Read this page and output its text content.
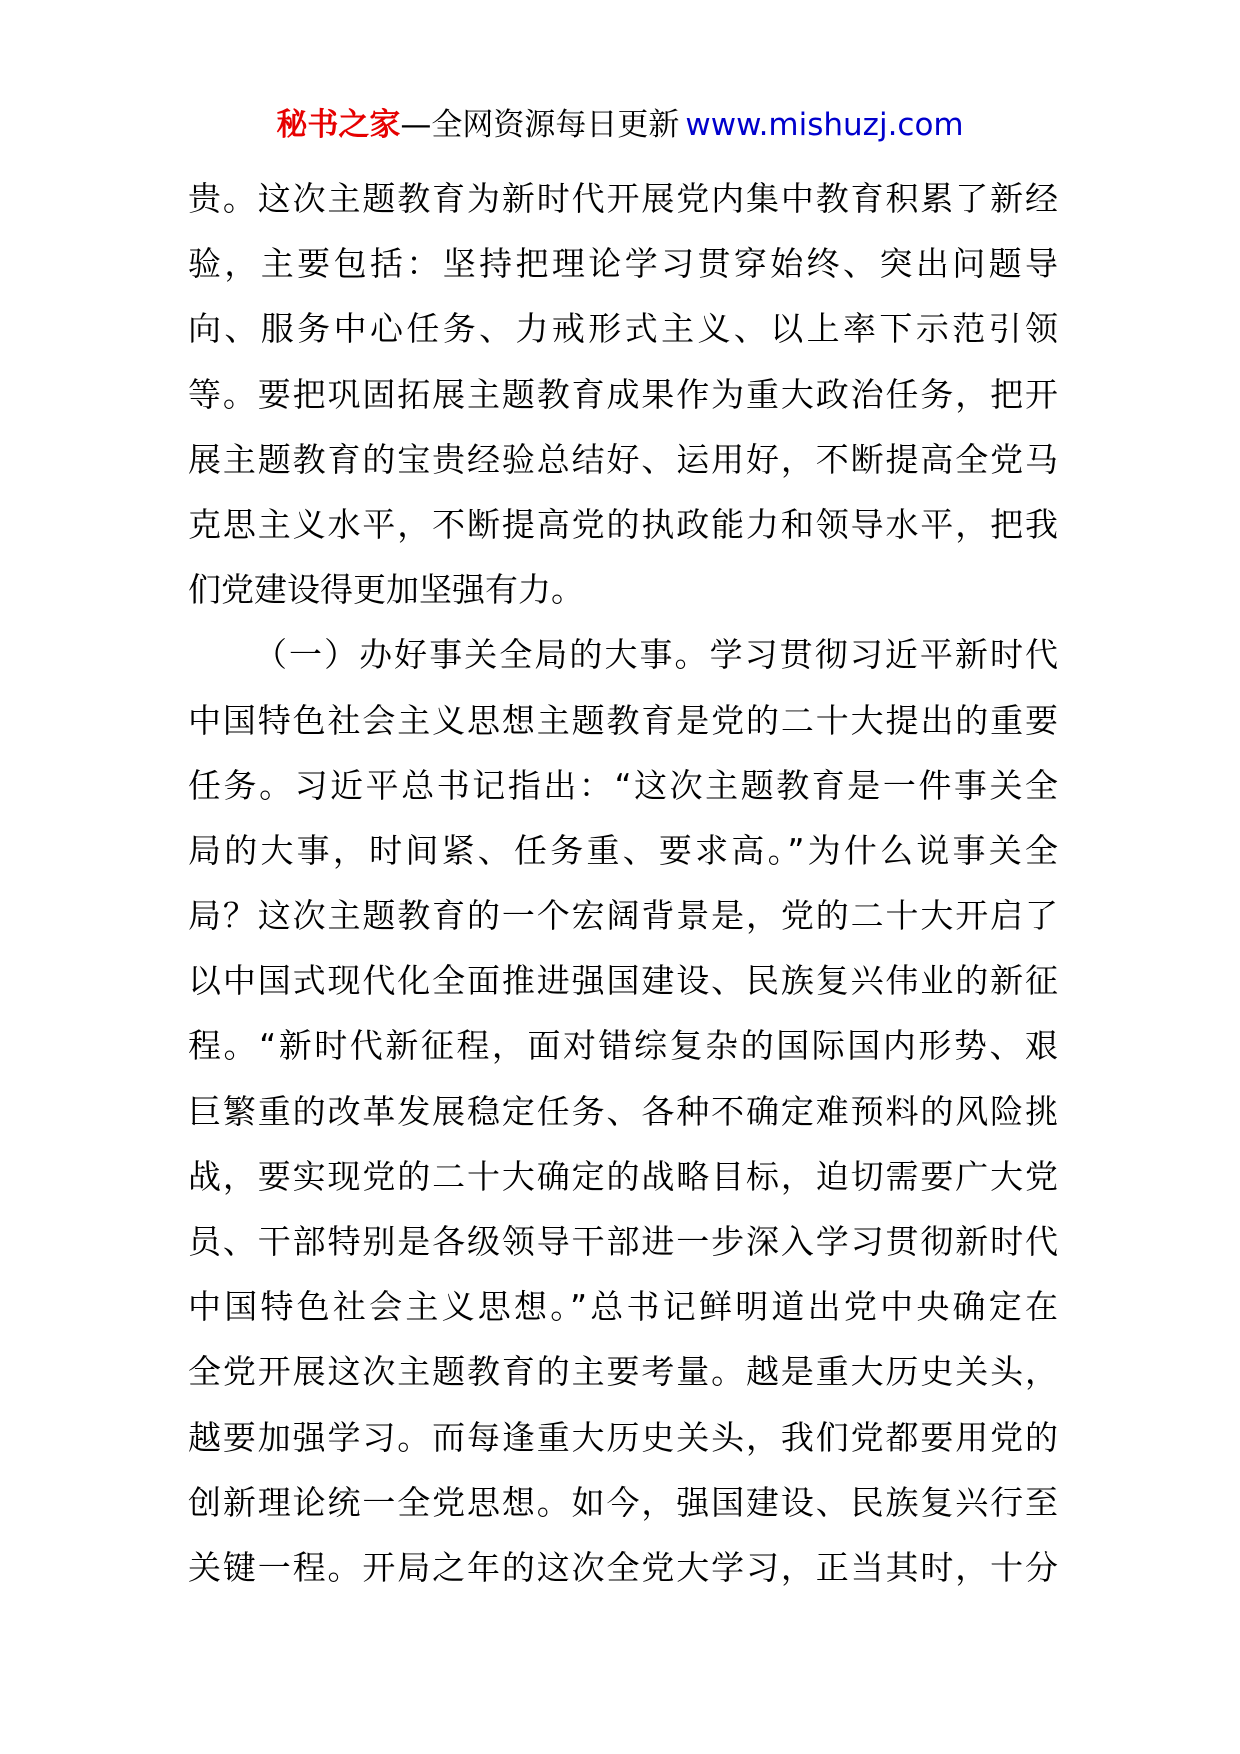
秘书之家—全网资源每日更新 www.mishuzj.com
贵。这次主题教育为新时代开展党内集中教育积累了新经
验，主要包括：坚持把理论学习贯穿始终、突出问题导
向、服务中心任务、力戒形式主义、以上率下示范引领
等。要把巩固拓展主题教育成果作为重大政治任务，把开
展主题教育的宝贵经验总结好、运用好，不断提高全党马
克思主义水平，不断提高党的执政能力和领导水平，把我
们党建设得更加坚强有力。
（一）办好事关全局的大事。学习贯彻习近平新时代
中国特色社会主义思想主题教育是党的二十大提出的重要
任务。习近平总书记指出：“这次主题教育是一件事关全
局的大事，时间紧、任务重、要求高。”为什么说事关全
局？这次主题教育的一个宏阔背景是，党的二十大开启了
以中国式现代化全面推进强国建设、民族复兴伟业的新征
程。“新时代新征程，面对错综复杂的国际国内形势、艰
巨繁重的改革发展稳定任务、各种不确定难预料的风险挑
战，要实现党的二十大确定的战略目标，迫切需要广大党
员、干部特别是各级领导干部进一步深入学习贯彻新时代
中国特色社会主义思想。”总书记鲜明道出党中央确定在
全党开展这次主题教育的主要考量。越是重大历史关头，
越要加强学习。而每逢重大历史关头，我们党都要用党的
创新理论统一全党思想。如今，强国建设、民族复兴行至
关键一程。开局之年的这次全党大学习，正当其时，十分
